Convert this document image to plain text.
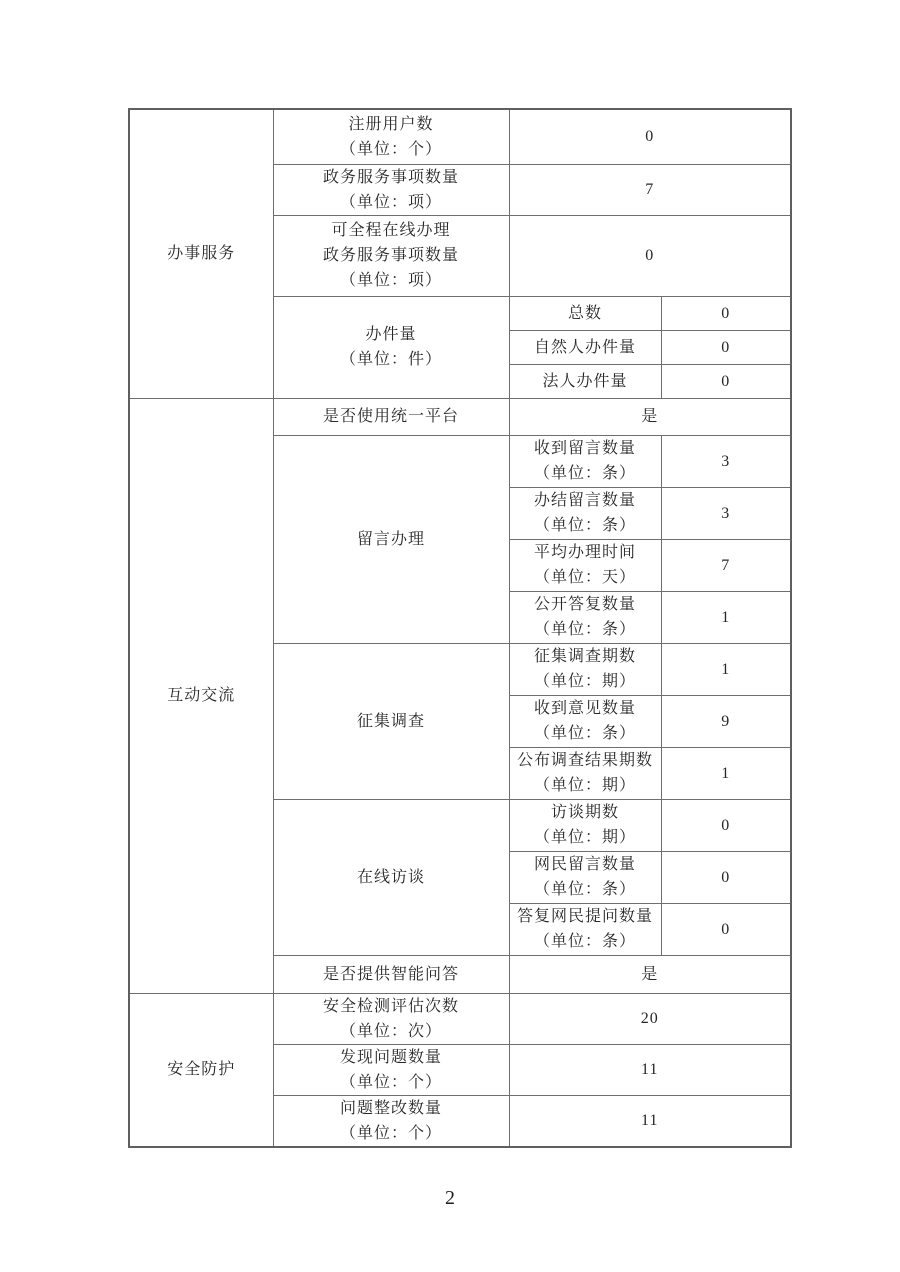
办事服务	注册用户数
（单位：个）	0	

	政务服务事项数量
（单位：项）	7	

	可全程在线办理
政务服务事项数量
（单位：项）	0	

	办件量
（单位：件）	总数	0
		自然人办件量	0
		法人办件量	0
互动交流	是否使用统一平台	是	
	留言办理	收到留言数量
（单位：条）	3

		办结留言数量
（单位：条）	3

		平均办理时间
（单位：天）	7

		公开答复数量
（单位：条）	1
	征集调查	征集调查期数
（单位：期）	1

		收到意见数量
（单位：条）	9

		公布调查结果期数
（单位：期）	1
	在线访谈	访谈期数
（单位：期）	0

		网民留言数量
（单位：条）	0

		答复网民提问数量
（单位：条）	0
	是否提供智能问答	是	
安全防护	安全检测评估次数
（单位：次）	20	

	发现问题数量
（单位：个）	11	

	问题整改数量
（单位：个）	11	
2
